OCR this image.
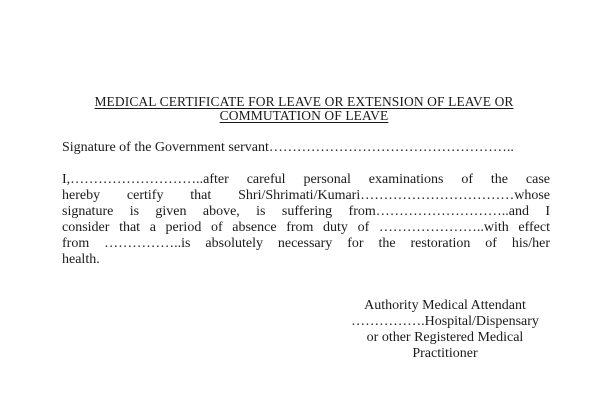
MEDICAL CERTIFICATE FOR LEAVE OR EXTENSION OF LEAVE OR
COMMUTATION OF LEAVE
Signature of the Government servant……………………………………………..
I,………………………..after careful personal examinations of the case
hereby certify that Shri/Shrimati/Kumari……………………………whose
signature is given above, is suffering from………………………..and I
consider that a period of absence from duty of …………………..with effect
from ……………..is absolutely necessary for the restoration of his/her
health.
Authority Medical Attendant
…………….Hospital/Dispensary
or other Registered Medical
Practitioner
